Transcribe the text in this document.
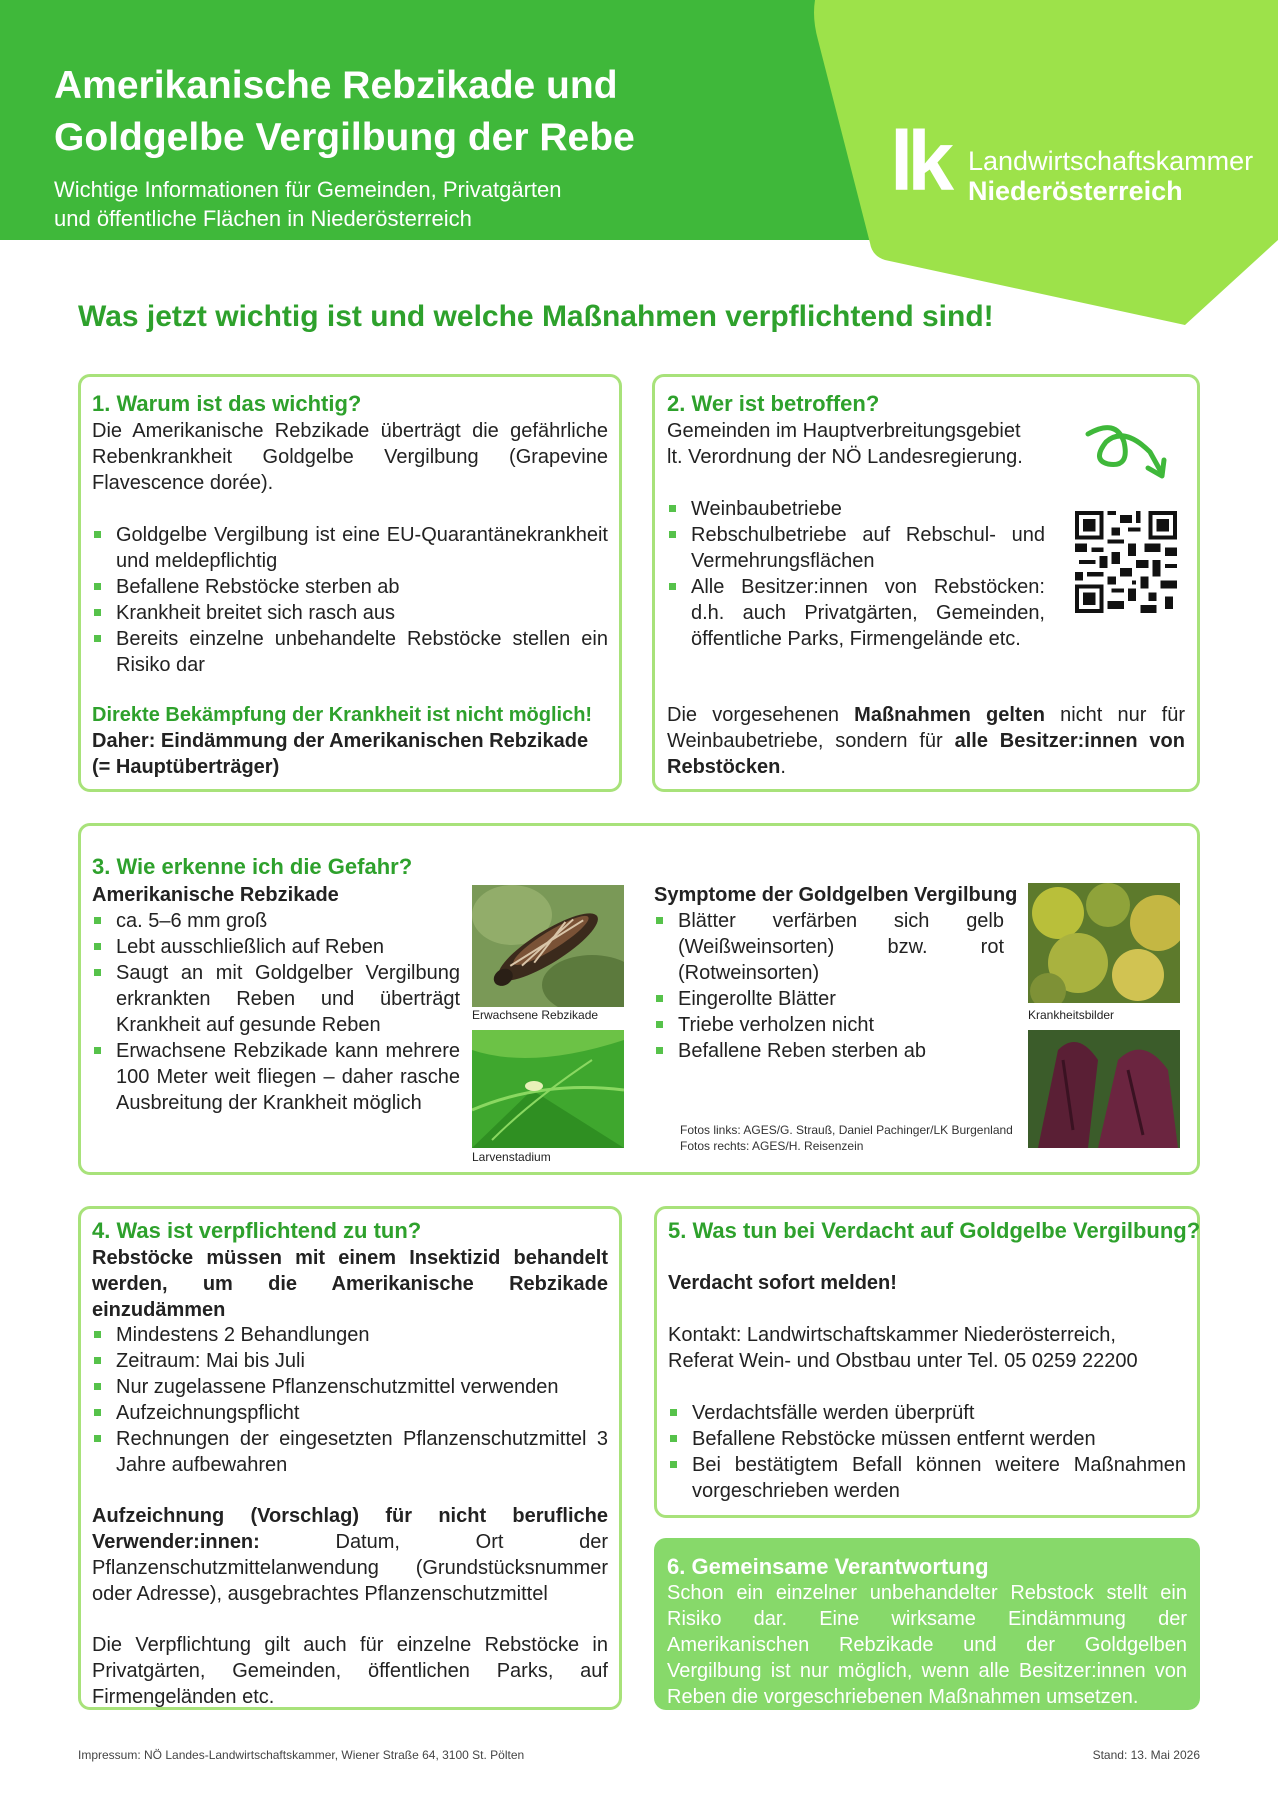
Amerikanische Rebzikade und
Goldgelbe Vergilbung der Rebe
Wichtige Informationen für Gemeinden, Privatgärten
und öffentliche Flächen in Niederösterreich
lk Landwirtschaftskammer
Niederösterreich
Was jetzt wichtig ist und welche Maßnahmen verpflichtend sind!
1. Warum ist das wichtig?
Die Amerikanische Rebzikade überträgt die gefährliche Rebenkrankheit Goldgelbe Vergilbung (Grapevine Flavescence dorée).
Goldgelbe Vergilbung ist eine EU-Quarantänekrankheit und meldepflichtig
Befallene Rebstöcke sterben ab
Krankheit breitet sich rasch aus
Bereits einzelne unbehandelte Rebstöcke stellen ein Risiko dar
Direkte Bekämpfung der Krankheit ist nicht möglich!
Daher: Eindämmung der Amerikanischen Rebzikade
(= Hauptüberträger)
2. Wer ist betroffen?
Gemeinden im Hauptverbreitungsgebiet
lt. Verordnung der NÖ Landesregierung.
Weinbaubetriebe
Rebschulbetriebe auf Rebschul- und Vermehrungsflächen
Alle Besitzer:innen von Rebstöcken: d.h. auch Privatgärten, Gemeinden, öffentliche Parks, Firmengelände etc.
Die vorgesehenen Maßnahmen gelten nicht nur für Weinbaubetriebe, sondern für alle Besitzer:innen von Rebstöcken.
3. Wie erkenne ich die Gefahr?
Amerikanische Rebzikade
ca. 5–6 mm groß
Lebt ausschließlich auf Reben
Saugt an mit Goldgelber Vergilbung erkrankten Reben und überträgt Krankheit auf gesunde Reben
Erwachsene Rebzikade kann mehrere 100 Meter weit fliegen – daher rasche Ausbreitung der Krankheit möglich
Erwachsene Rebzikade
Larvenstadium
Symptome der Goldgelben Vergilbung
Blätter verfärben sich gelb (Weißweinsorten) bzw. rot (Rotweinsorten)
Eingerollte Blätter
Triebe verholzen nicht
Befallene Reben sterben ab
Krankheitsbilder
Fotos links: AGES/G. Strauß, Daniel Pachinger/LK Burgenland
Fotos rechts: AGES/H. Reisenzein
4. Was ist verpflichtend zu tun?
Rebstöcke müssen mit einem Insektizid behandelt werden, um die Amerikanische Rebzikade einzudämmen
Mindestens 2 Behandlungen
Zeitraum: Mai bis Juli
Nur zugelassene Pflanzenschutzmittel verwenden
Aufzeichnungspflicht
Rechnungen der eingesetzten Pflanzenschutzmittel 3 Jahre aufbewahren
Aufzeichnung (Vorschlag) für nicht berufliche Verwender:innen: Datum, Ort der Pflanzenschutzmittelanwendung (Grundstücksnummer oder Adresse), ausgebrachtes Pflanzenschutzmittel
Die Verpflichtung gilt auch für einzelne Rebstöcke in Privatgärten, Gemeinden, öffentlichen Parks, auf Firmengeländen etc.
5. Was tun bei Verdacht auf Goldgelbe Vergilbung?
Verdacht sofort melden!
Kontakt: Landwirtschaftskammer Niederösterreich,
Referat Wein- und Obstbau unter Tel. 05 0259 22200
Verdachtsfälle werden überprüft
Befallene Rebstöcke müssen entfernt werden
Bei bestätigtem Befall können weitere Maßnahmen vorgeschrieben werden
6. Gemeinsame Verantwortung
Schon ein einzelner unbehandelter Rebstock stellt ein Risiko dar. Eine wirksame Eindämmung der Amerikanischen Rebzikade und der Goldgelben Vergilbung ist nur möglich, wenn alle Besitzer:innen von Reben die vorgeschriebenen Maßnahmen umsetzen.
Impressum: NÖ Landes-Landwirtschaftskammer, Wiener Straße 64, 3100 St. Pölten	Stand: 13. Mai 2026
